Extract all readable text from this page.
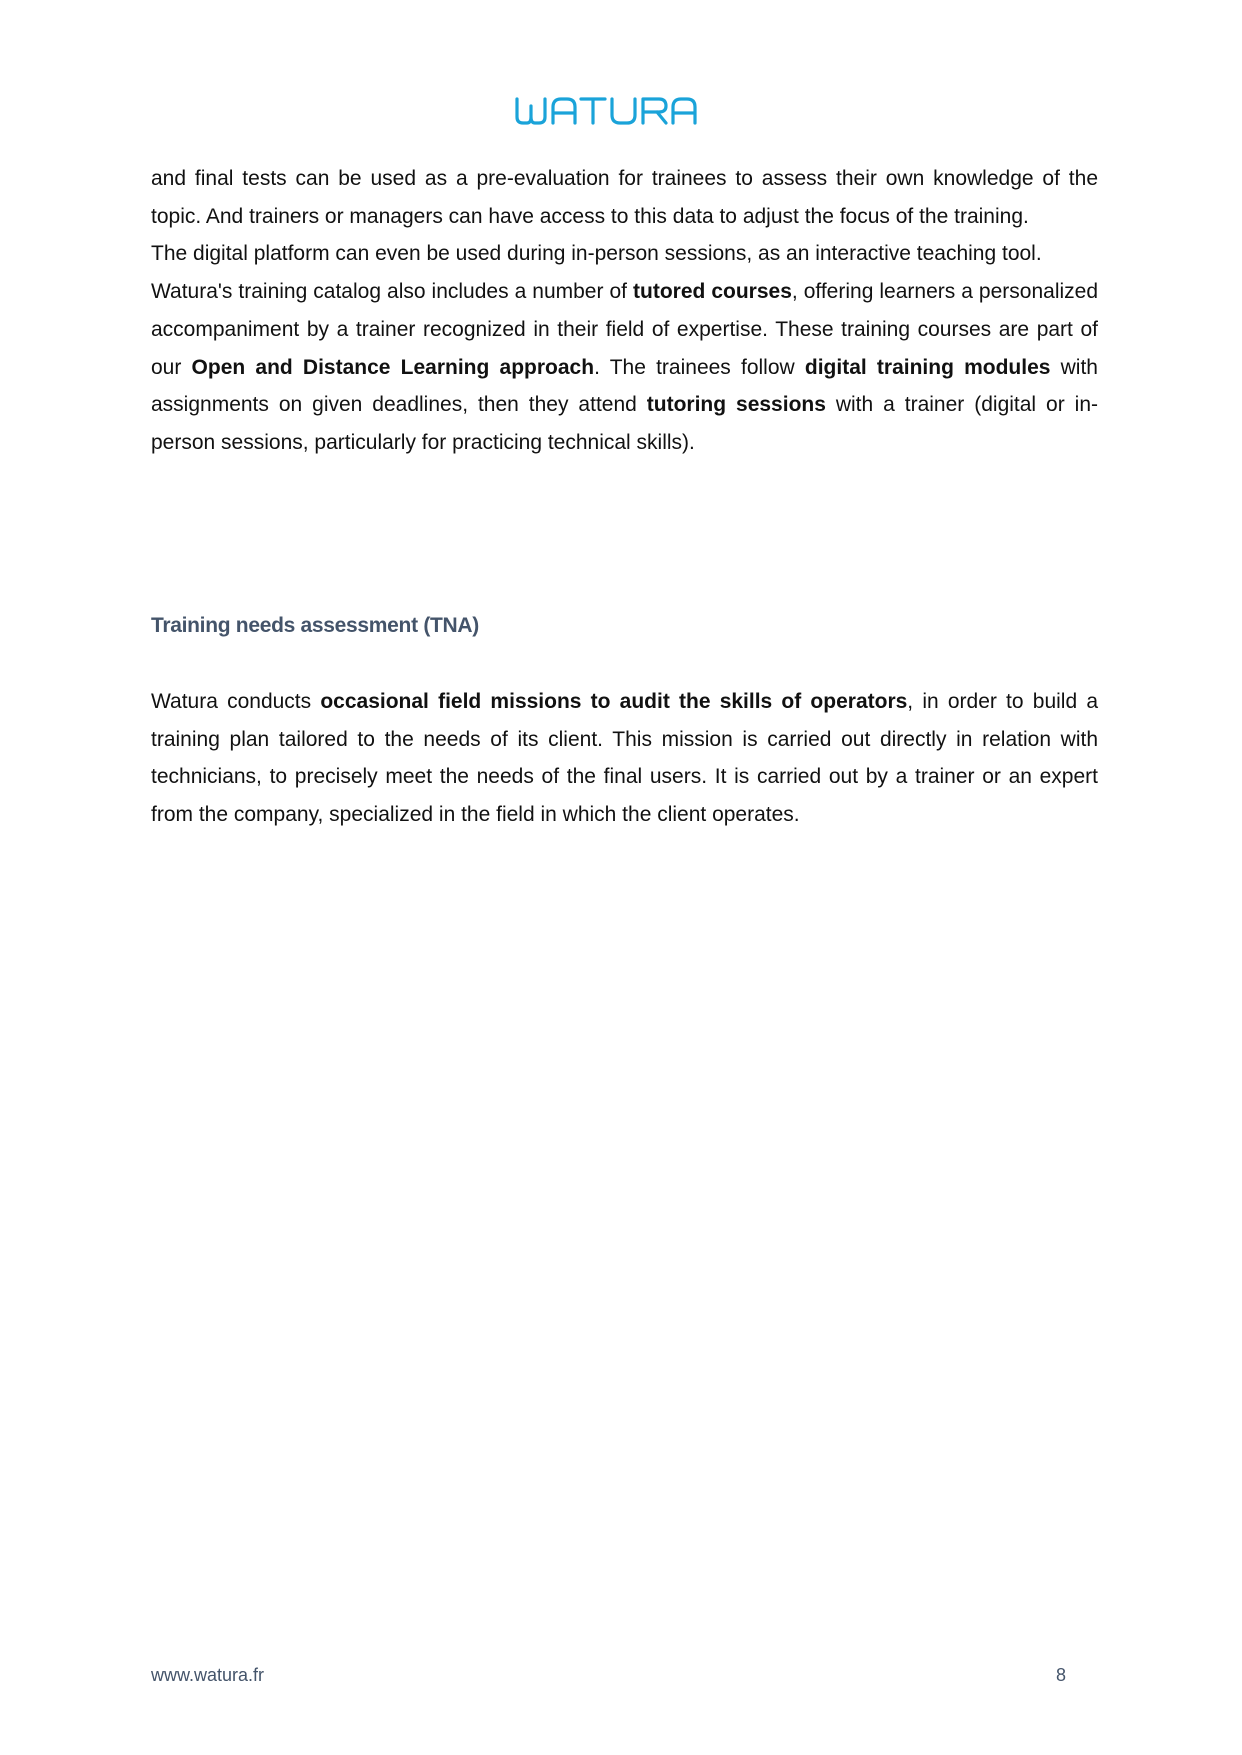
and final tests can be used as a pre-evaluation for trainees to assess their own knowledge of the topic. And trainers or managers can have access to this data to adjust the focus of the training.

The digital platform can even be used during in-person sessions, as an interactive teaching tool.

Watura's training catalog also includes a number of tutored courses, offering learners a personalized accompaniment by a trainer recognized in their field of expertise. These training courses are part of our Open and Distance Learning approach. The trainees follow digital training modules with assignments on given deadlines, then they attend tutoring sessions with a trainer (digital or in-person sessions, particularly for practicing technical skills).

Training needs assessment (TNA)

Watura conducts occasional field missions to audit the skills of operators, in order to build a training plan tailored to the needs of its client. This mission is carried out directly in relation with technicians, to precisely meet the needs of the final users. It is carried out by a trainer or an expert from the company, specialized in the field in which the client operates.

www.watura.fr	8
